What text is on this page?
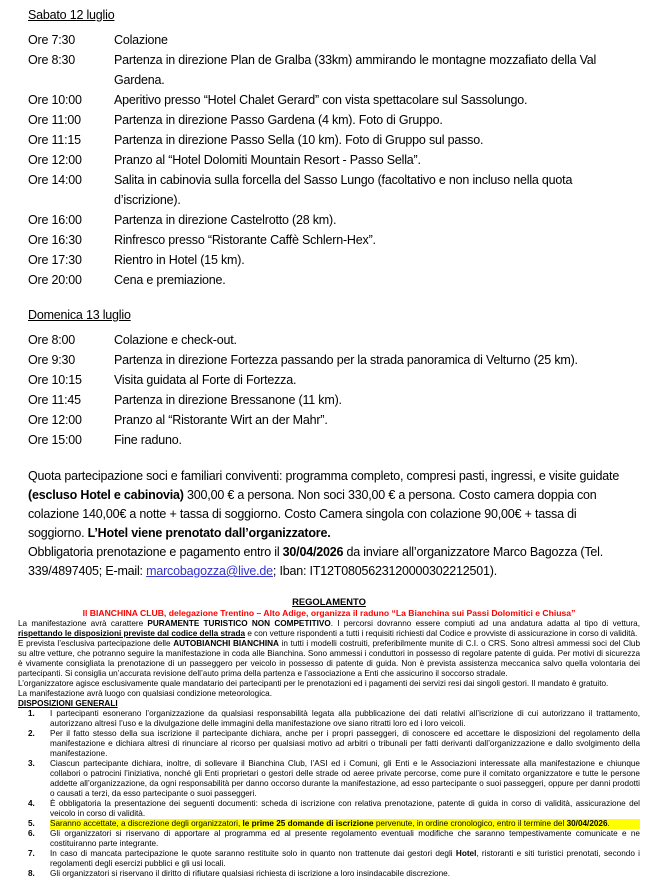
Sabato 12 luglio
Ore 7:30	Colazione
Ore 8:30	Partenza in direzione Plan de Gralba (33km) ammirando le montagne mozzafiato della Val Gardena.
Ore 10:00	Aperitivo presso “Hotel Chalet Gerard” con vista spettacolare sul Sassolungo.
Ore 11:00	Partenza in direzione Passo Gardena (4 km). Foto di Gruppo.
Ore 11:15	Partenza in direzione Passo Sella (10 km). Foto di Gruppo sul passo.
Ore 12:00	Pranzo al “Hotel Dolomiti Mountain Resort - Passo Sella”.
Ore 14:00	Salita in cabinovia sulla forcella del Sasso Lungo (facoltativo e non incluso nella quota d’iscrizione).
Ore 16:00	Partenza in direzione Castelrotto (28 km).
Ore 16:30	Rinfresco presso “Ristorante Caffè Schlern-Hex”.
Ore 17:30	Rientro in Hotel (15 km).
Ore 20:00	Cena e premiazione.
Domenica 13 luglio
Ore 8:00	Colazione e check-out.
Ore 9:30	Partenza in direzione Fortezza passando per la strada panoramica di Velturno (25 km).
Ore 10:15	Visita guidata al Forte di Fortezza.
Ore 11:45	Partenza in direzione Bressanone (11 km).
Ore 12:00	Pranzo al “Ristorante Wirt an der Mahr”.
Ore 15:00	Fine raduno.

Quota partecipazione soci e familiari conviventi: programma completo, compresi pasti, ingressi, e visite guidate (escluso Hotel e cabinovia) 300,00 € a persona. Non soci 330,00 € a persona. Costo camera doppia con colazione 140,00€ a notte + tassa di soggiorno. Costo Camera singola con colazione 90,00€ + tassa di soggiorno. L’Hotel viene prenotato dall’organizzatore.

Obbligatoria prenotazione e pagamento entro il 30/04/2026 da inviare all’organizzatore Marco Bagozza (Tel. 339/4897405; E-mail: marcobagozza@live.de; Iban: IT12T0805623120000302212501).

REGOLAMENTO
Il BIANCHINA CLUB, delegazione Trentino – Alto Adige, organizza il raduno “La Bianchina sui Passi Dolomitici e Chiusa”

La manifestazione avrà carattere PURAMENTE TURISTICO NON COMPETITIVO. I percorsi dovranno essere compiuti ad una andatura adatta al tipo di vettura, rispettando le disposizioni previste dal codice della strada e con vetture rispondenti a tutti i requisiti richiesti dal Codice e provviste di assicurazione in corso di validità.

E prevista l’esclusiva partecipazione delle AUTOBIANCHI BIANCHINA in tutti i modelli costruiti, preferibilmente munite di C.I. o CRS. Sono altresì ammessi soci del Club su altre vetture, che potranno seguire la manifestazione in coda alle Bianchina. Sono ammessi i conduttori in possesso di regolare patente di guida. Per motivi di sicurezza è vivamente consigliata la prenotazione di un passeggero per veicolo in possesso di patente di guida. Non è prevista assistenza meccanica salvo quella volontaria dei partecipanti. Si consiglia un’accurata revisione dell’auto prima della partenza e l’associazione a Enti che assicurino il soccorso stradale.

L’organizzatore agisce esclusivamente quale mandatario dei partecipanti per le prenotazioni ed i pagamenti dei servizi resi dai singoli gestori. Il mandato è gratuito.

La manifestazione avrà luogo con qualsiasi condizione meteorologica.

DISPOSIZIONI GENERALI
1.	I partecipanti esonerano l’organizzazione da qualsiasi responsabilità legata alla pubblicazione dei dati relativi all’iscrizione di cui autorizzano il trattamento, autorizzano altresì l’uso e la divulgazione delle immagini della manifestazione ove siano ritratti loro ed i loro veicoli.
2.	Per il fatto stesso della sua iscrizione il partecipante dichiara, anche per i propri passeggeri, di conoscere ed accettare le disposizioni del regolamento della manifestazione e dichiara altresì di rinunciare al ricorso per qualsiasi motivo ad arbitri o tribunali per fatti derivanti dall’organizzazione e dallo svolgimento della manifestazione.
3.	Ciascun partecipante dichiara, inoltre, di sollevare il Bianchina Club, l’ASI ed i Comuni, gli Enti e le Associazioni interessate alla manifestazione e chiunque collabori o patrocini l’iniziativa, nonché gli Enti proprietari o gestori delle strade od aeree private percorse, come pure il comitato organizzatore e tutte le persone addette all’organizzazione, da ogni responsabilità per danno occorso durante la manifestazione, ad esso partecipante o suoi passeggeri, oppure per danni prodotti o causati a terzi, da esso partecipante o suoi passeggeri.
4.	È obbligatoria la presentazione dei seguenti documenti: scheda di iscrizione con relativa prenotazione, patente di guida in corso di validità, assicurazione del veicolo in corso di validità.
5.	Saranno accettate, a discrezione degli organizzatori, le prime 25 domande di iscrizione pervenute, in ordine cronologico, entro il termine del 30/04/2026.
6.	Gli organizzatori si riservano di apportare al programma ed al presente regolamento eventuali modifiche che saranno tempestivamente comunicate e ne costituiranno parte integrante.
7.	In caso di mancata partecipazione le quote saranno restituite solo in quanto non trattenute dai gestori degli Hotel, ristoranti e siti turistici prenotati, secondo i regolamenti degli esercizi pubblici e gli usi locali.
8.	Gli organizzatori si riservano il diritto di rifiutare qualsiasi richiesta di iscrizione a loro insindacabile discrezione.
